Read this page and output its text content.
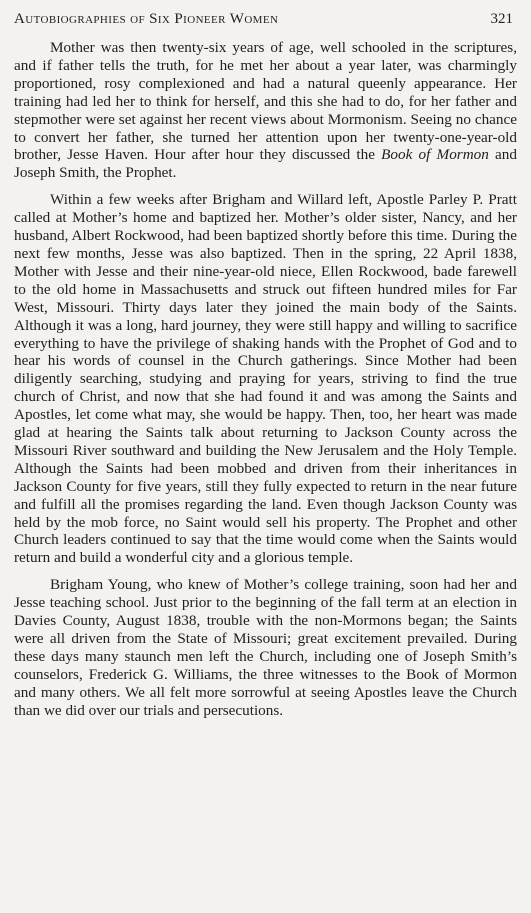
Autobiographies of Six Pioneer Women	321

Mother was then twenty-six years of age, well schooled in the scriptures, and if father tells the truth, for he met her about a year later, was charmingly proportioned, rosy complexioned and had a natural queenly appearance. Her training had led her to think for herself, and this she had to do, for her father and stepmother were set against her recent views about Mormonism. Seeing no chance to convert her father, she turned her attention upon her twenty-one-year-old brother, Jesse Haven. Hour after hour they discussed the Book of Mormon and Joseph Smith, the Prophet.

Within a few weeks after Brigham and Willard left, Apostle Parley P. Pratt called at Mother’s home and baptized her. Mother’s older sister, Nancy, and her husband, Albert Rockwood, had been baptized shortly before this time. During the next few months, Jesse was also baptized. Then in the spring, 22 April 1838, Mother with Jesse and their nine-year-old niece, Ellen Rockwood, bade farewell to the old home in Massachusetts and struck out fifteen hundred miles for Far West, Missouri. Thirty days later they joined the main body of the Saints. Although it was a long, hard journey, they were still happy and willing to sacrifice everything to have the privilege of shaking hands with the Prophet of God and to hear his words of counsel in the Church gatherings. Since Mother had been diligently searching, studying and praying for years, striving to find the true church of Christ, and now that she had found it and was among the Saints and Apostles, let come what may, she would be happy. Then, too, her heart was made glad at hearing the Saints talk about returning to Jackson County across the Missouri River southward and building the New Jerusalem and the Holy Temple. Although the Saints had been mobbed and driven from their inheritances in Jackson County for five years, still they fully expected to return in the near future and fulfill all the promises regarding the land. Even though Jackson County was held by the mob force, no Saint would sell his property. The Prophet and other Church leaders continued to say that the time would come when the Saints would return and build a wonderful city and a glorious temple.

Brigham Young, who knew of Mother’s college training, soon had her and Jesse teaching school. Just prior to the beginning of the fall term at an election in Davies County, August 1838, trouble with the non-Mormons began; the Saints were all driven from the State of Missouri; great excitement prevailed. During these days many staunch men left the Church, including one of Joseph Smith’s counselors, Frederick G. Williams, the three witnesses to the Book of Mormon and many others. We all felt more sorrowful at seeing Apostles leave the Church than we did over our trials and persecutions.
